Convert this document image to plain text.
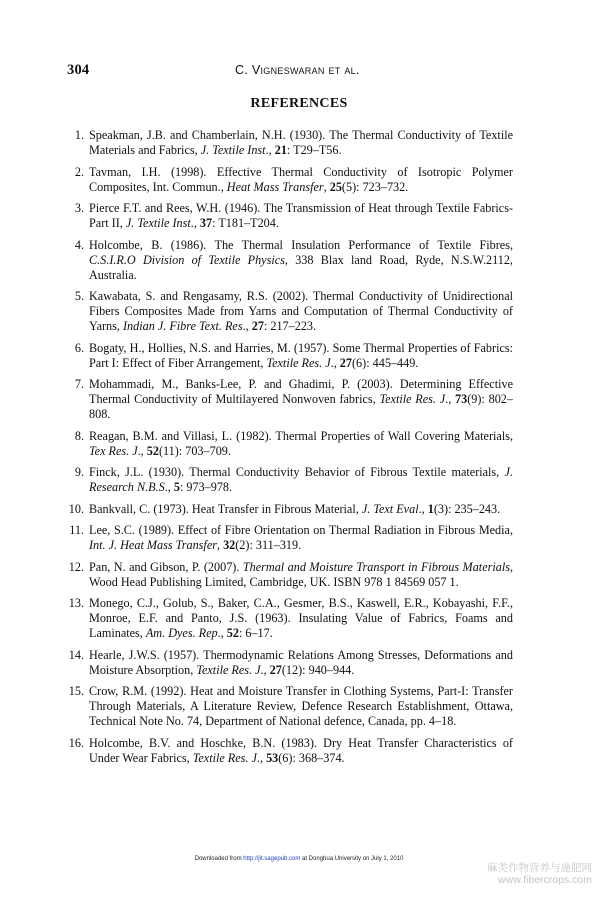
304	C. Vigneswaran et al.
REFERENCES
1. Speakman, J.B. and Chamberlain, N.H. (1930). The Thermal Conductivity of Textile Materials and Fabrics, J. Textile Inst., 21: T29–T56.
2. Tavman, I.H. (1998). Effective Thermal Conductivity of Isotropic Polymer Composites, Int. Commun., Heat Mass Transfer, 25(5): 723–732.
3. Pierce F.T. and Rees, W.H. (1946). The Transmission of Heat through Textile Fabrics- Part II, J. Textile Inst., 37: T181–T204.
4. Holcombe, B. (1986). The Thermal Insulation Performance of Textile Fibres, C.S.I.R.O Division of Textile Physics, 338 Blax land Road, Ryde, N.S.W.2112, Australia.
5. Kawabata, S. and Rengasamy, R.S. (2002). Thermal Conductivity of Unidirectional Fibers Composites Made from Yarns and Computation of Thermal Conductivity of Yarns, Indian J. Fibre Text. Res., 27: 217–223.
6. Bogaty, H., Hollies, N.S. and Harries, M. (1957). Some Thermal Properties of Fabrics: Part I: Effect of Fiber Arrangement, Textile Res. J., 27(6): 445–449.
7. Mohammadi, M., Banks-Lee, P. and Ghadimi, P. (2003). Determining Effective Thermal Conductivity of Multilayered Nonwoven fabrics, Textile Res. J., 73(9): 802–808.
8. Reagan, B.M. and Villasi, L. (1982). Thermal Properties of Wall Covering Materials, Tex Res. J., 52(11): 703–709.
9. Finck, J.L. (1930). Thermal Conductivity Behavior of Fibrous Textile materials, J. Research N.B.S., 5: 973–978.
10. Bankvall, C. (1973). Heat Transfer in Fibrous Material, J. Text Eval., 1(3): 235–243.
11. Lee, S.C. (1989). Effect of Fibre Orientation on Thermal Radiation in Fibrous Media, Int. J. Heat Mass Transfer, 32(2): 311–319.
12. Pan, N. and Gibson, P. (2007). Thermal and Moisture Transport in Fibrous Materials, Wood Head Publishing Limited, Cambridge, UK. ISBN 978 1 84569 057 1.
13. Monego, C.J., Golub, S., Baker, C.A., Gesmer, B.S., Kaswell, E.R., Kobayashi, F.F., Monroe, E.F. and Panto, J.S. (1963). Insulating Value of Fabrics, Foams and Laminates, Am. Dyes. Rep., 52: 6–17.
14. Hearle, J.W.S. (1957). Thermodynamic Relations Among Stresses, Deformations and Moisture Absorption, Textile Res. J., 27(12): 940–944.
15. Crow, R.M. (1992). Heat and Moisture Transfer in Clothing Systems, Part-I: Transfer Through Materials, A Literature Review, Defence Research Establishment, Ottawa, Technical Note No. 74, Department of National defence, Canada, pp. 4–18.
16. Holcombe, B.V. and Hoschke, B.N. (1983). Dry Heat Transfer Characteristics of Under Wear Fabrics, Textile Res. J., 53(6): 368–374.
Downloaded from http://jit.sagepub.com at Donghua University on July 1, 2010
麻类作物营养与施肥网
www.fibercrops.com
